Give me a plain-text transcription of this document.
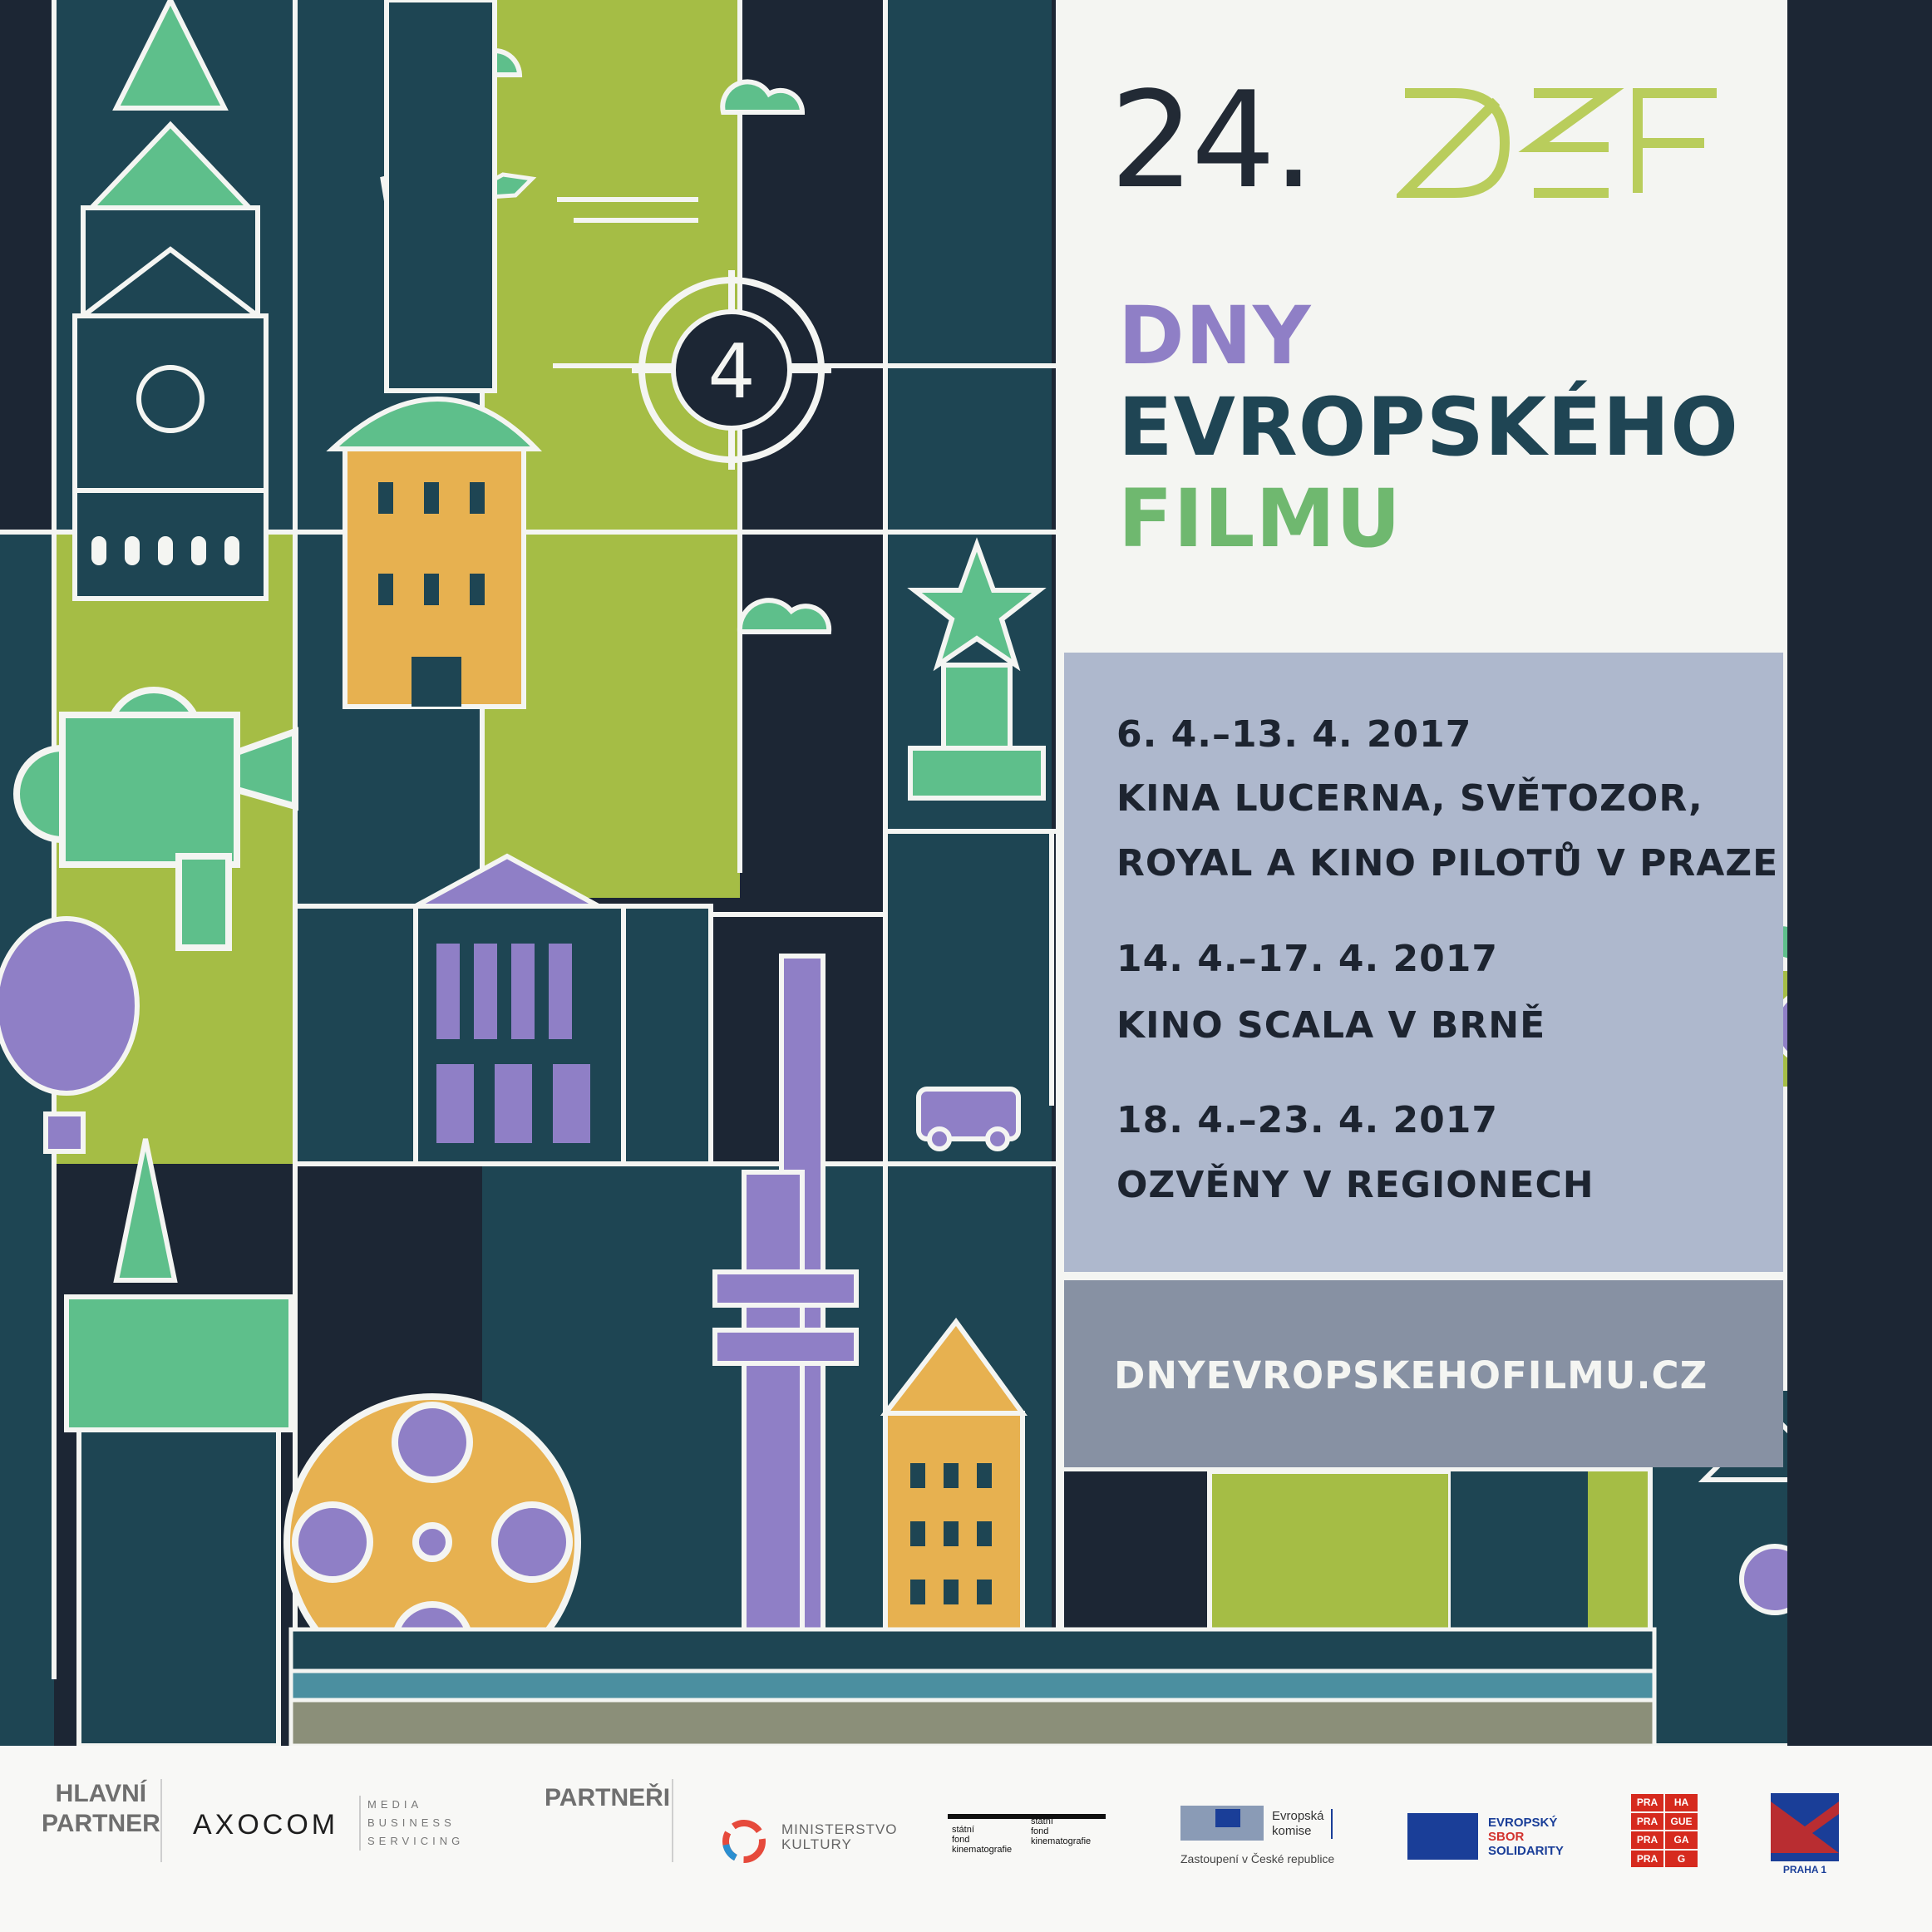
4
24.	DEF
DNY
EVROPSKÉHO
FILMU
6. 4.–13. 4. 2017
KINA LUCERNA, SVĚTOZOR,
ROYAL A KINO PILOTŮ V PRAZE
14. 4.–17. 4. 2017
KINO SCALA V BRNĚ
18. 4.–23. 4. 2017
OZVĚNY V REGIONECH
DNYEVROPSKEHOFILMU.CZ
HLAVNÍ
PARTNER AXOCOM
MEDIA
BUSINESS
SERVICING
PARTNEŘI
MINISTERSTVO
KULTURY
státní
fond
kinematografie
státní
fond
kinematografie
Evropská
komise
Zastoupení v České republice
EVROPSKÝ
SBOR
SOLIDARITY
PRA	HA
PRA	GUE
PRA	GA
PRA	G
PRAHA 1
